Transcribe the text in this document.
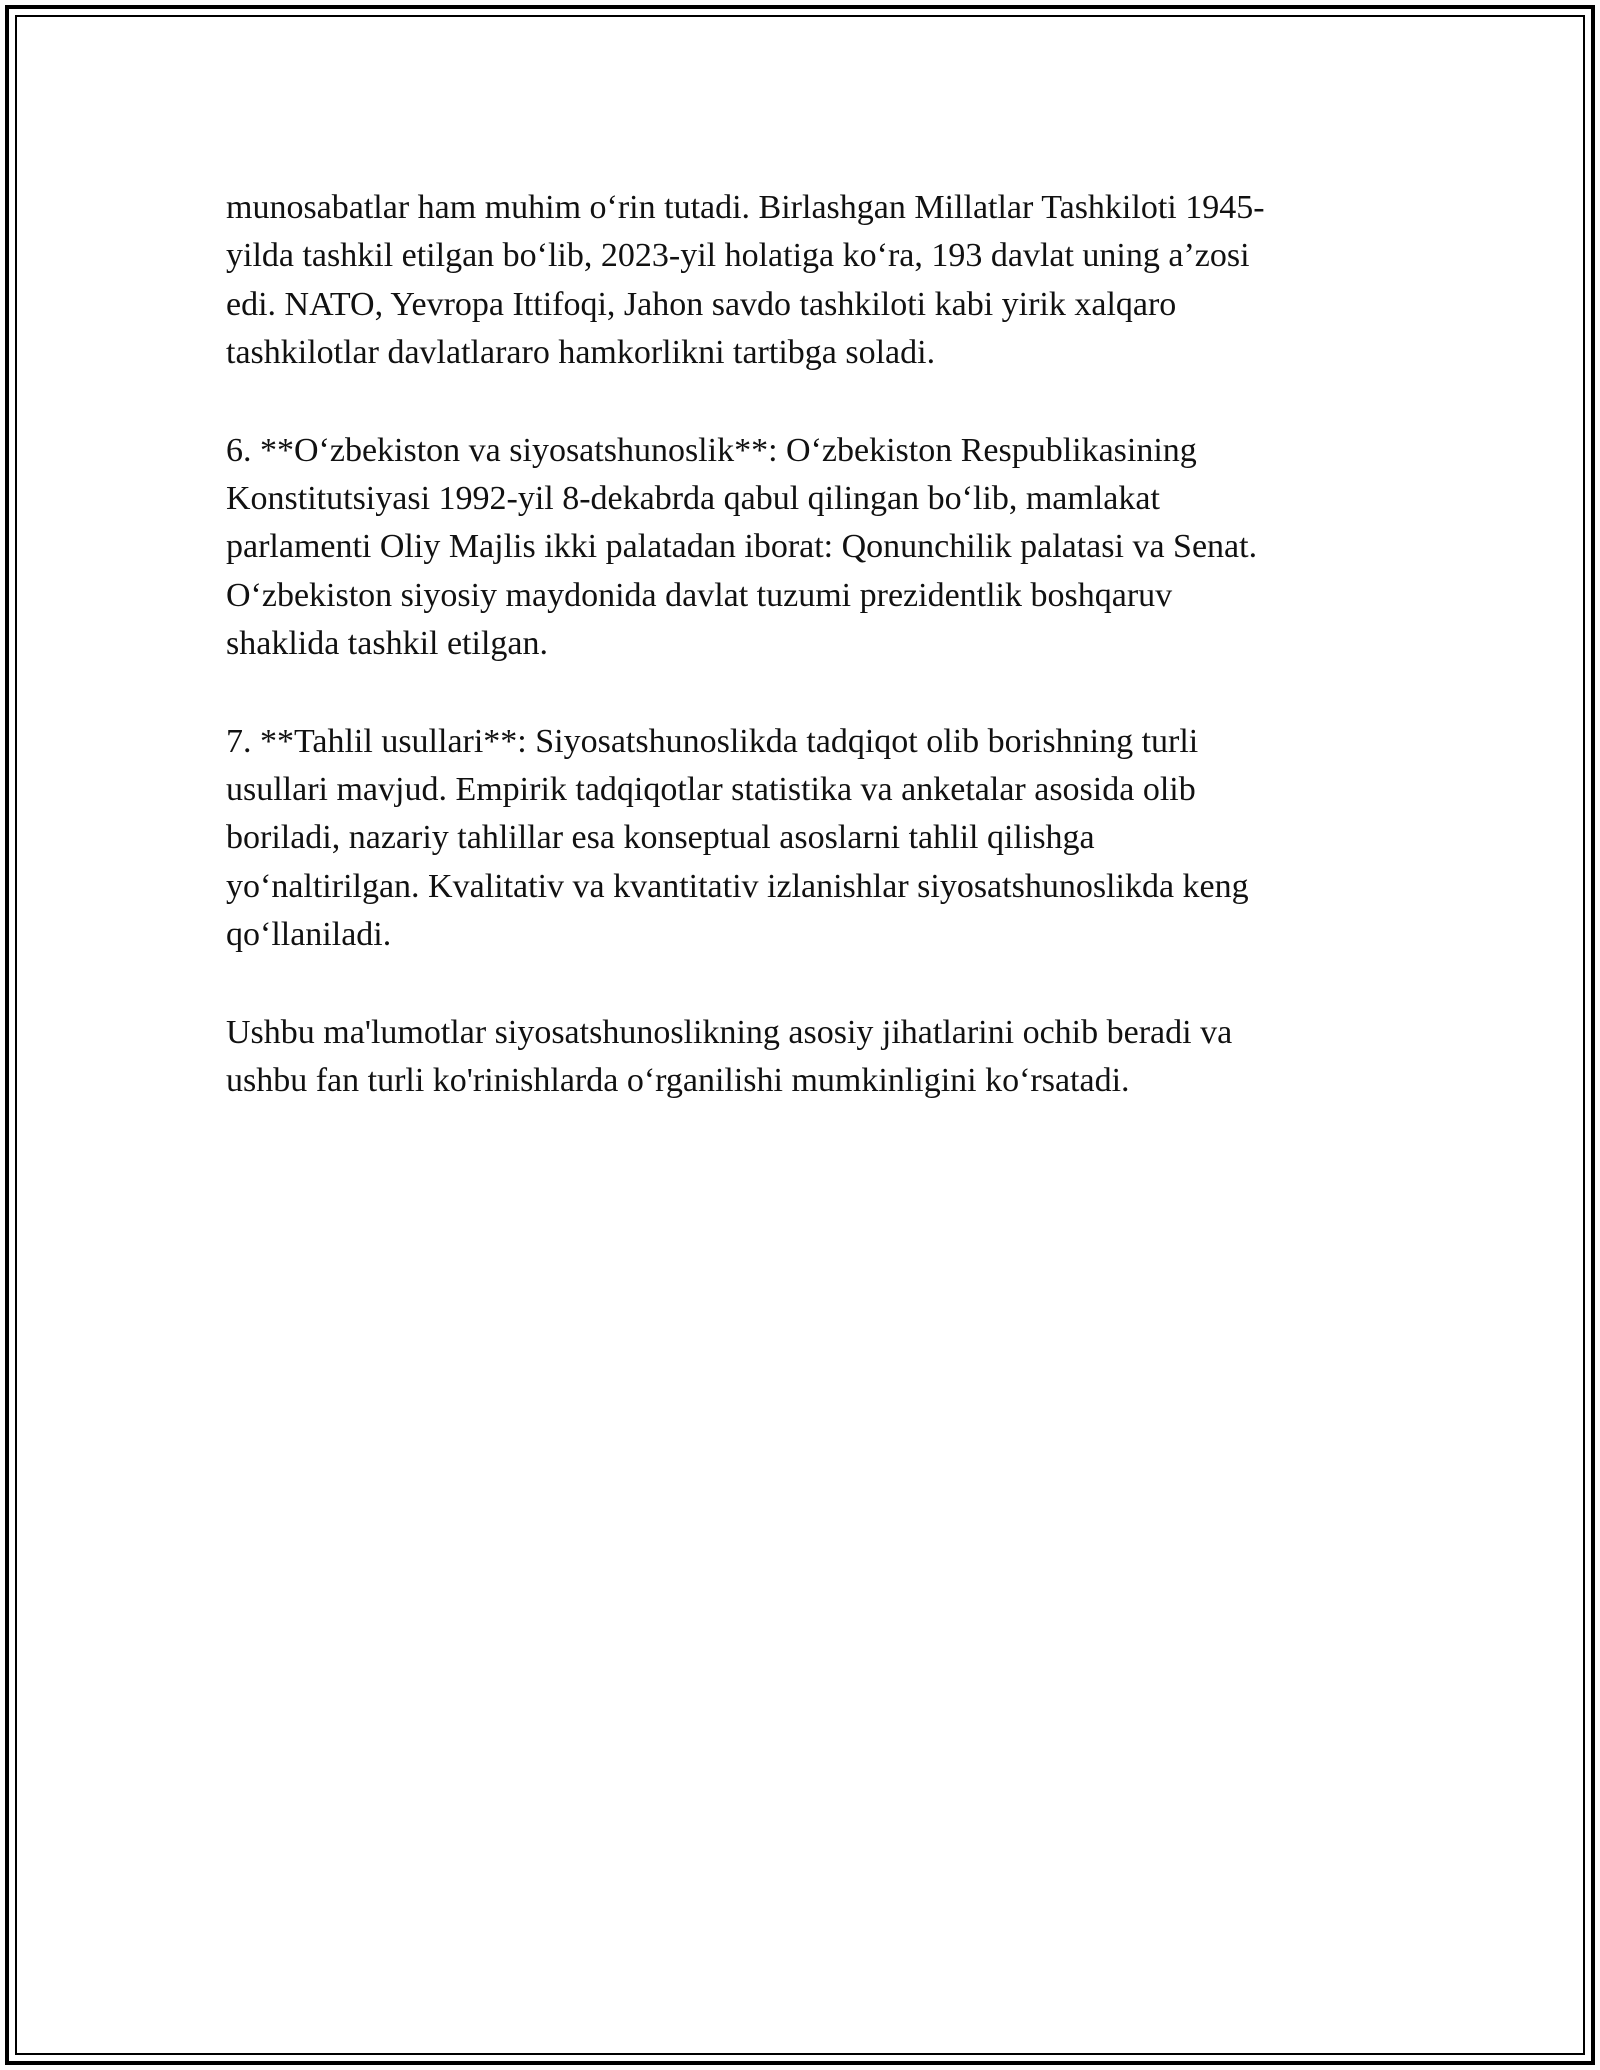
munosabatlar ham muhim o‘rin tutadi. Birlashgan Millatlar Tashkiloti 1945-
yilda tashkil etilgan bo‘lib, 2023-yil holatiga ko‘ra, 193 davlat uning a’zosi
edi. NATO, Yevropa Ittifoqi, Jahon savdo tashkiloti kabi yirik xalqaro
tashkilotlar davlatlararo hamkorlikni tartibga soladi.

6. **O‘zbekiston va siyosatshunoslik**: O‘zbekiston Respublikasining
Konstitutsiyasi 1992-yil 8-dekabrda qabul qilingan bo‘lib, mamlakat
parlamenti Oliy Majlis ikki palatadan iborat: Qonunchilik palatasi va Senat.
O‘zbekiston siyosiy maydonida davlat tuzumi prezidentlik boshqaruv
shaklida tashkil etilgan.

7. **Tahlil usullari**: Siyosatshunoslikda tadqiqot olib borishning turli
usullari mavjud. Empirik tadqiqotlar statistika va anketalar asosida olib
boriladi, nazariy tahlillar esa konseptual asoslarni tahlil qilishga
yo‘naltirilgan. Kvalitativ va kvantitativ izlanishlar siyosatshunoslikda keng
qo‘llaniladi.

Ushbu ma'lumotlar siyosatshunoslikning asosiy jihatlarini ochib beradi va
ushbu fan turli ko'rinishlarda o‘rganilishi mumkinligini ko‘rsatadi.
